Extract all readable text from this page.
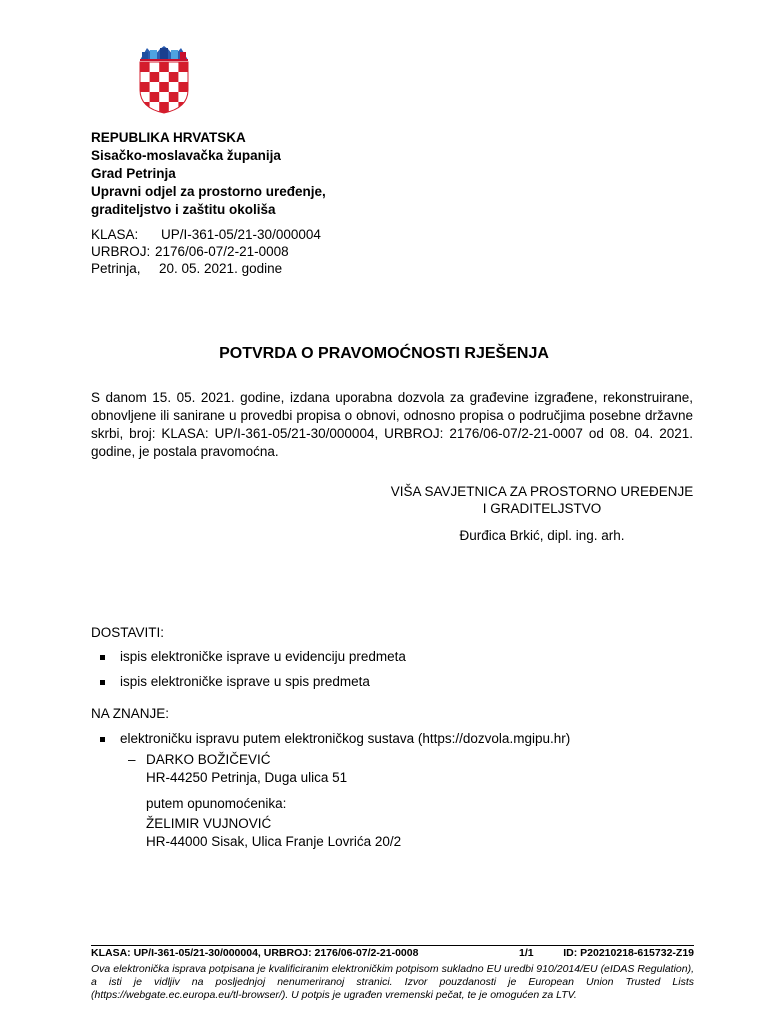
REPUBLIKA HRVATSKA
Sisačko-moslavačka županija
Grad Petrinja
Upravni odjel za prostorno uređenje,
graditeljstvo i zaštitu okoliša
KLASA:	UP/I-361-05/21-30/000004
URBROJ: 2176/06-07/2-21-0008
Petrinja,	20. 05. 2021. godine
POTVRDA O PRAVOMOĆNOSTI RJEŠENJA
S danom 15. 05. 2021. godine, izdana uporabna dozvola za građevine izgrađene, rekonstruirane, obnovljene ili sanirane u provedbi propisa o obnovi, odnosno propisa o područjima posebne državne skrbi, broj: KLASA: UP/I-361-05/21-30/000004, URBROJ: 2176/06-07/2-21-0007 od 08. 04. 2021. godine, je postala pravomoćna.
VIŠA SAVJETNICA ZA PROSTORNO UREĐENJE
I GRADITELJSTVO
Đurđica Brkić, dipl. ing. arh.
DOSTAVITI:
ispis elektroničke isprave u evidenciju predmeta
ispis elektroničke isprave u spis predmeta
NA ZNANJE:
elektroničku ispravu putem elektroničkog sustava (https://dozvola.mgipu.hr)
– DARKO BOŽIČEVIĆ
HR-44250 Petrinja, Duga ulica 51
putem opunomoćenika:
ŽELIMIR VUJNOVIĆ
HR-44000 Sisak, Ulica Franje Lovrića 20/2
KLASA: UP/I-361-05/21-30/000004, URBROJ: 2176/06-07/2-21-0008	1/1	ID: P20210218-615732-Z19
Ova elektronička isprava potpisana je kvalificiranim elektroničkim potpisom sukladno EU uredbi 910/2014/EU (eIDAS Regulation), a isti je vidljiv na posljednjoj nenumeriranoj stranici. Izvor pouzdanosti je European Union Trusted Lists (https://webgate.ec.europa.eu/tl-browser/). U potpis je ugrađen vremenski pečat, te je omogućen za LTV.
